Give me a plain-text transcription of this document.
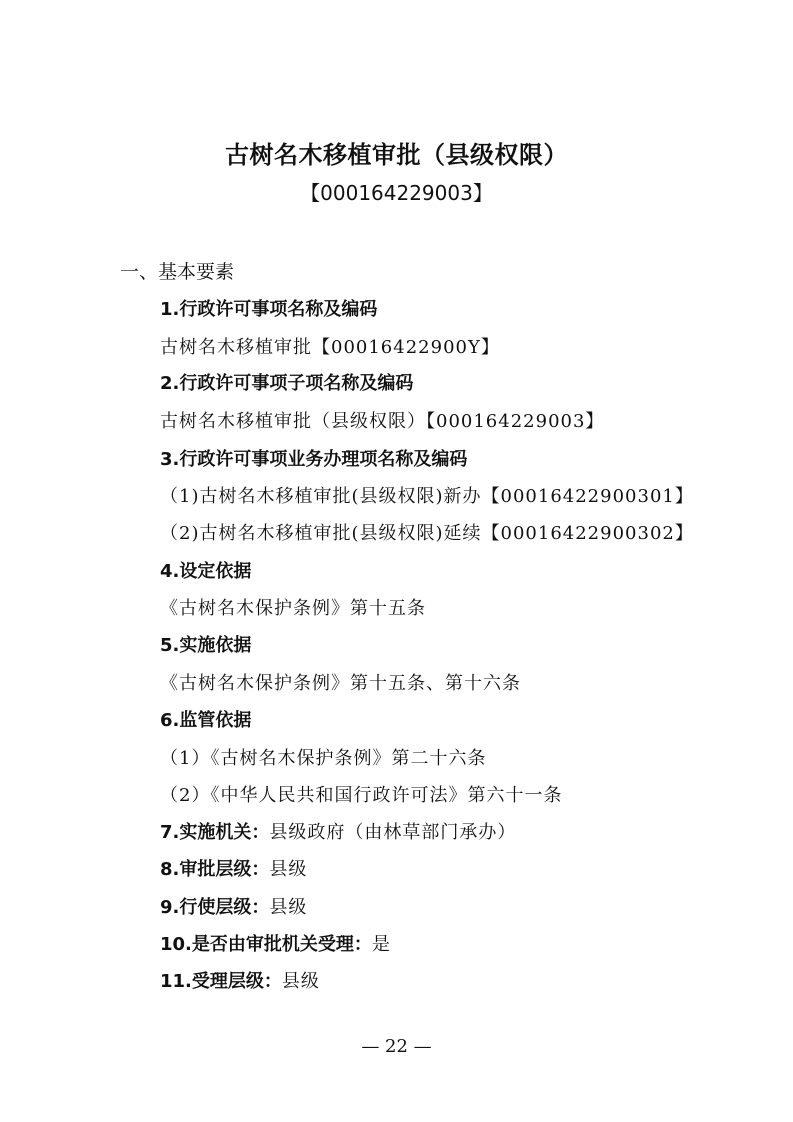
古树名木移植审批（县级权限）
【000164229003】
一、基本要素
1.行政许可事项名称及编码
古树名木移植审批【00016422900Y】
2.行政许可事项子项名称及编码
古树名木移植审批（县级权限）【000164229003】
3.行政许可事项业务办理项名称及编码
（1)古树名木移植审批(县级权限)新办【00016422900301】
（2)古树名木移植审批(县级权限)延续【00016422900302】
4.设定依据
《古树名木保护条例》第十五条
5.实施依据
《古树名木保护条例》第十五条、第十六条
6.监管依据
（1）《古树名木保护条例》第二十六条
（2）《中华人民共和国行政许可法》第六十一条
7.实施机关：县级政府（由林草部门承办）
8.审批层级：县级
9.行使层级：县级
10.是否由审批机关受理：是
11.受理层级：县级
— 22 —
